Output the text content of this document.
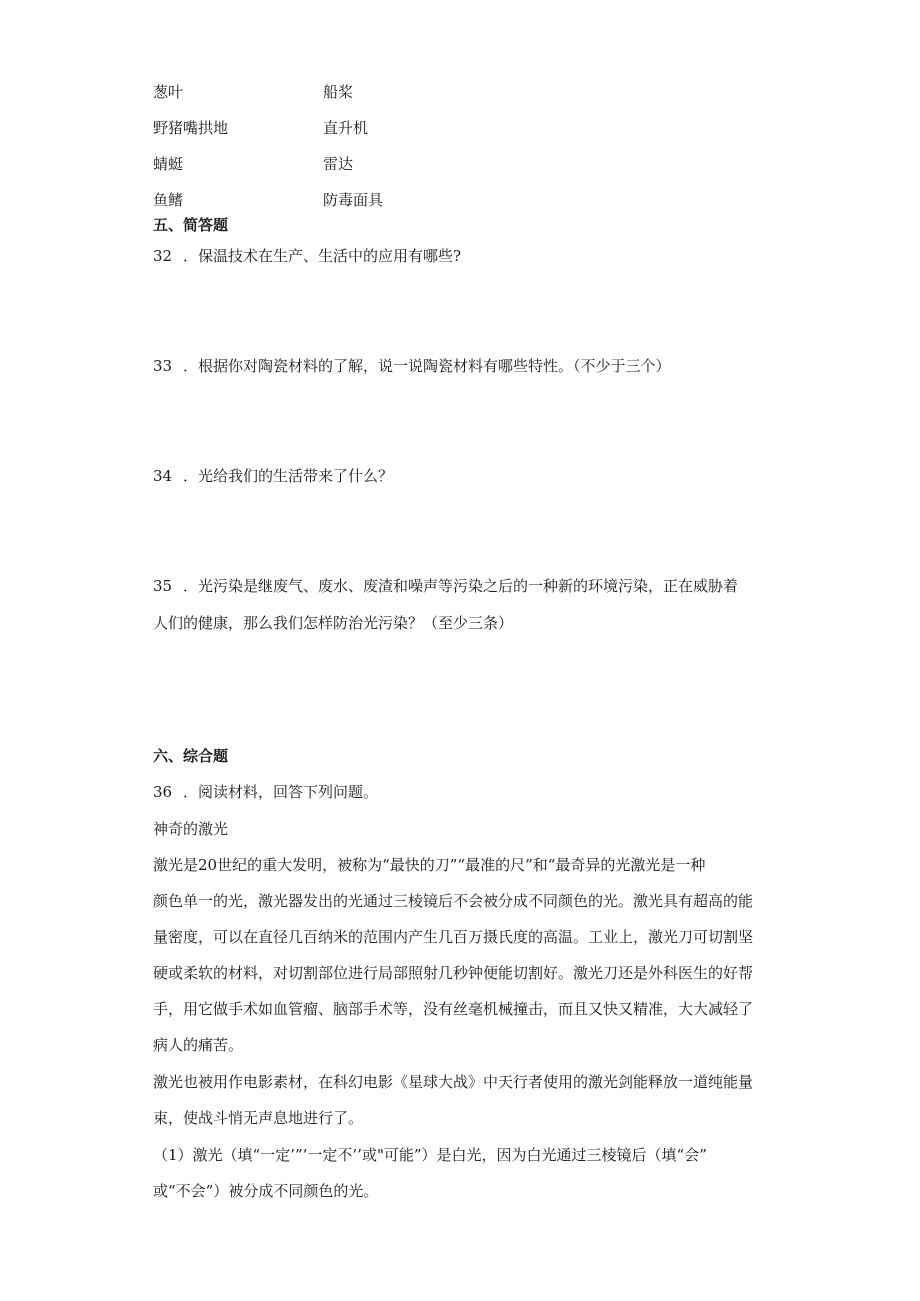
葱叶	船桨
野猪嘴拱地	直升机
蜻蜓	雷达
鱼鳍	防毒面具
五、简答题
32 ．保温技术在生产、生活中的应用有哪些?
33 ．根据你对陶瓷材料的了解，说一说陶瓷材料有哪些特性。（不少于三个）
34 ．光给我们的生活带来了什么？
35 ．光污染是继废气、废水、废渣和噪声等污染之后的一种新的环境污染，正在威胁着
人们的健康，那么我们怎样防治光污染？（至少三条）
六、综合题
36 ．阅读材料，回答下列问题。
神奇的激光
激光是20世纪的重大发明，被称为“最快的刀”“最准的尺”和“最奇异的光激光是一种
颜色单一的光，激光器发出的光通过三棱镜后不会被分成不同颜色的光。激光具有超高的能
量密度，可以在直径几百纳米的范围内产生几百万摄氏度的高温。工业上，激光刀可切割坚
硬或柔软的材料，对切割部位进行局部照射几秒钟便能切割好。激光刀还是外科医生的好帮
手，用它做手术如血管瘤、脑部手术等，没有丝毫机械撞击，而且又快又精准，大大减轻了
病人的痛苦。
激光也被用作电影素材，在科幻电影《星球大战》中天行者使用的激光剑能释放一道纯能量
束，使战斗悄无声息地进行了。
（1）激光（填“一定’”’一定不’’或"可能”）是白光，因为白光通过三棱镜后（填“会”
或“不会”）被分成不同颜色的光。
